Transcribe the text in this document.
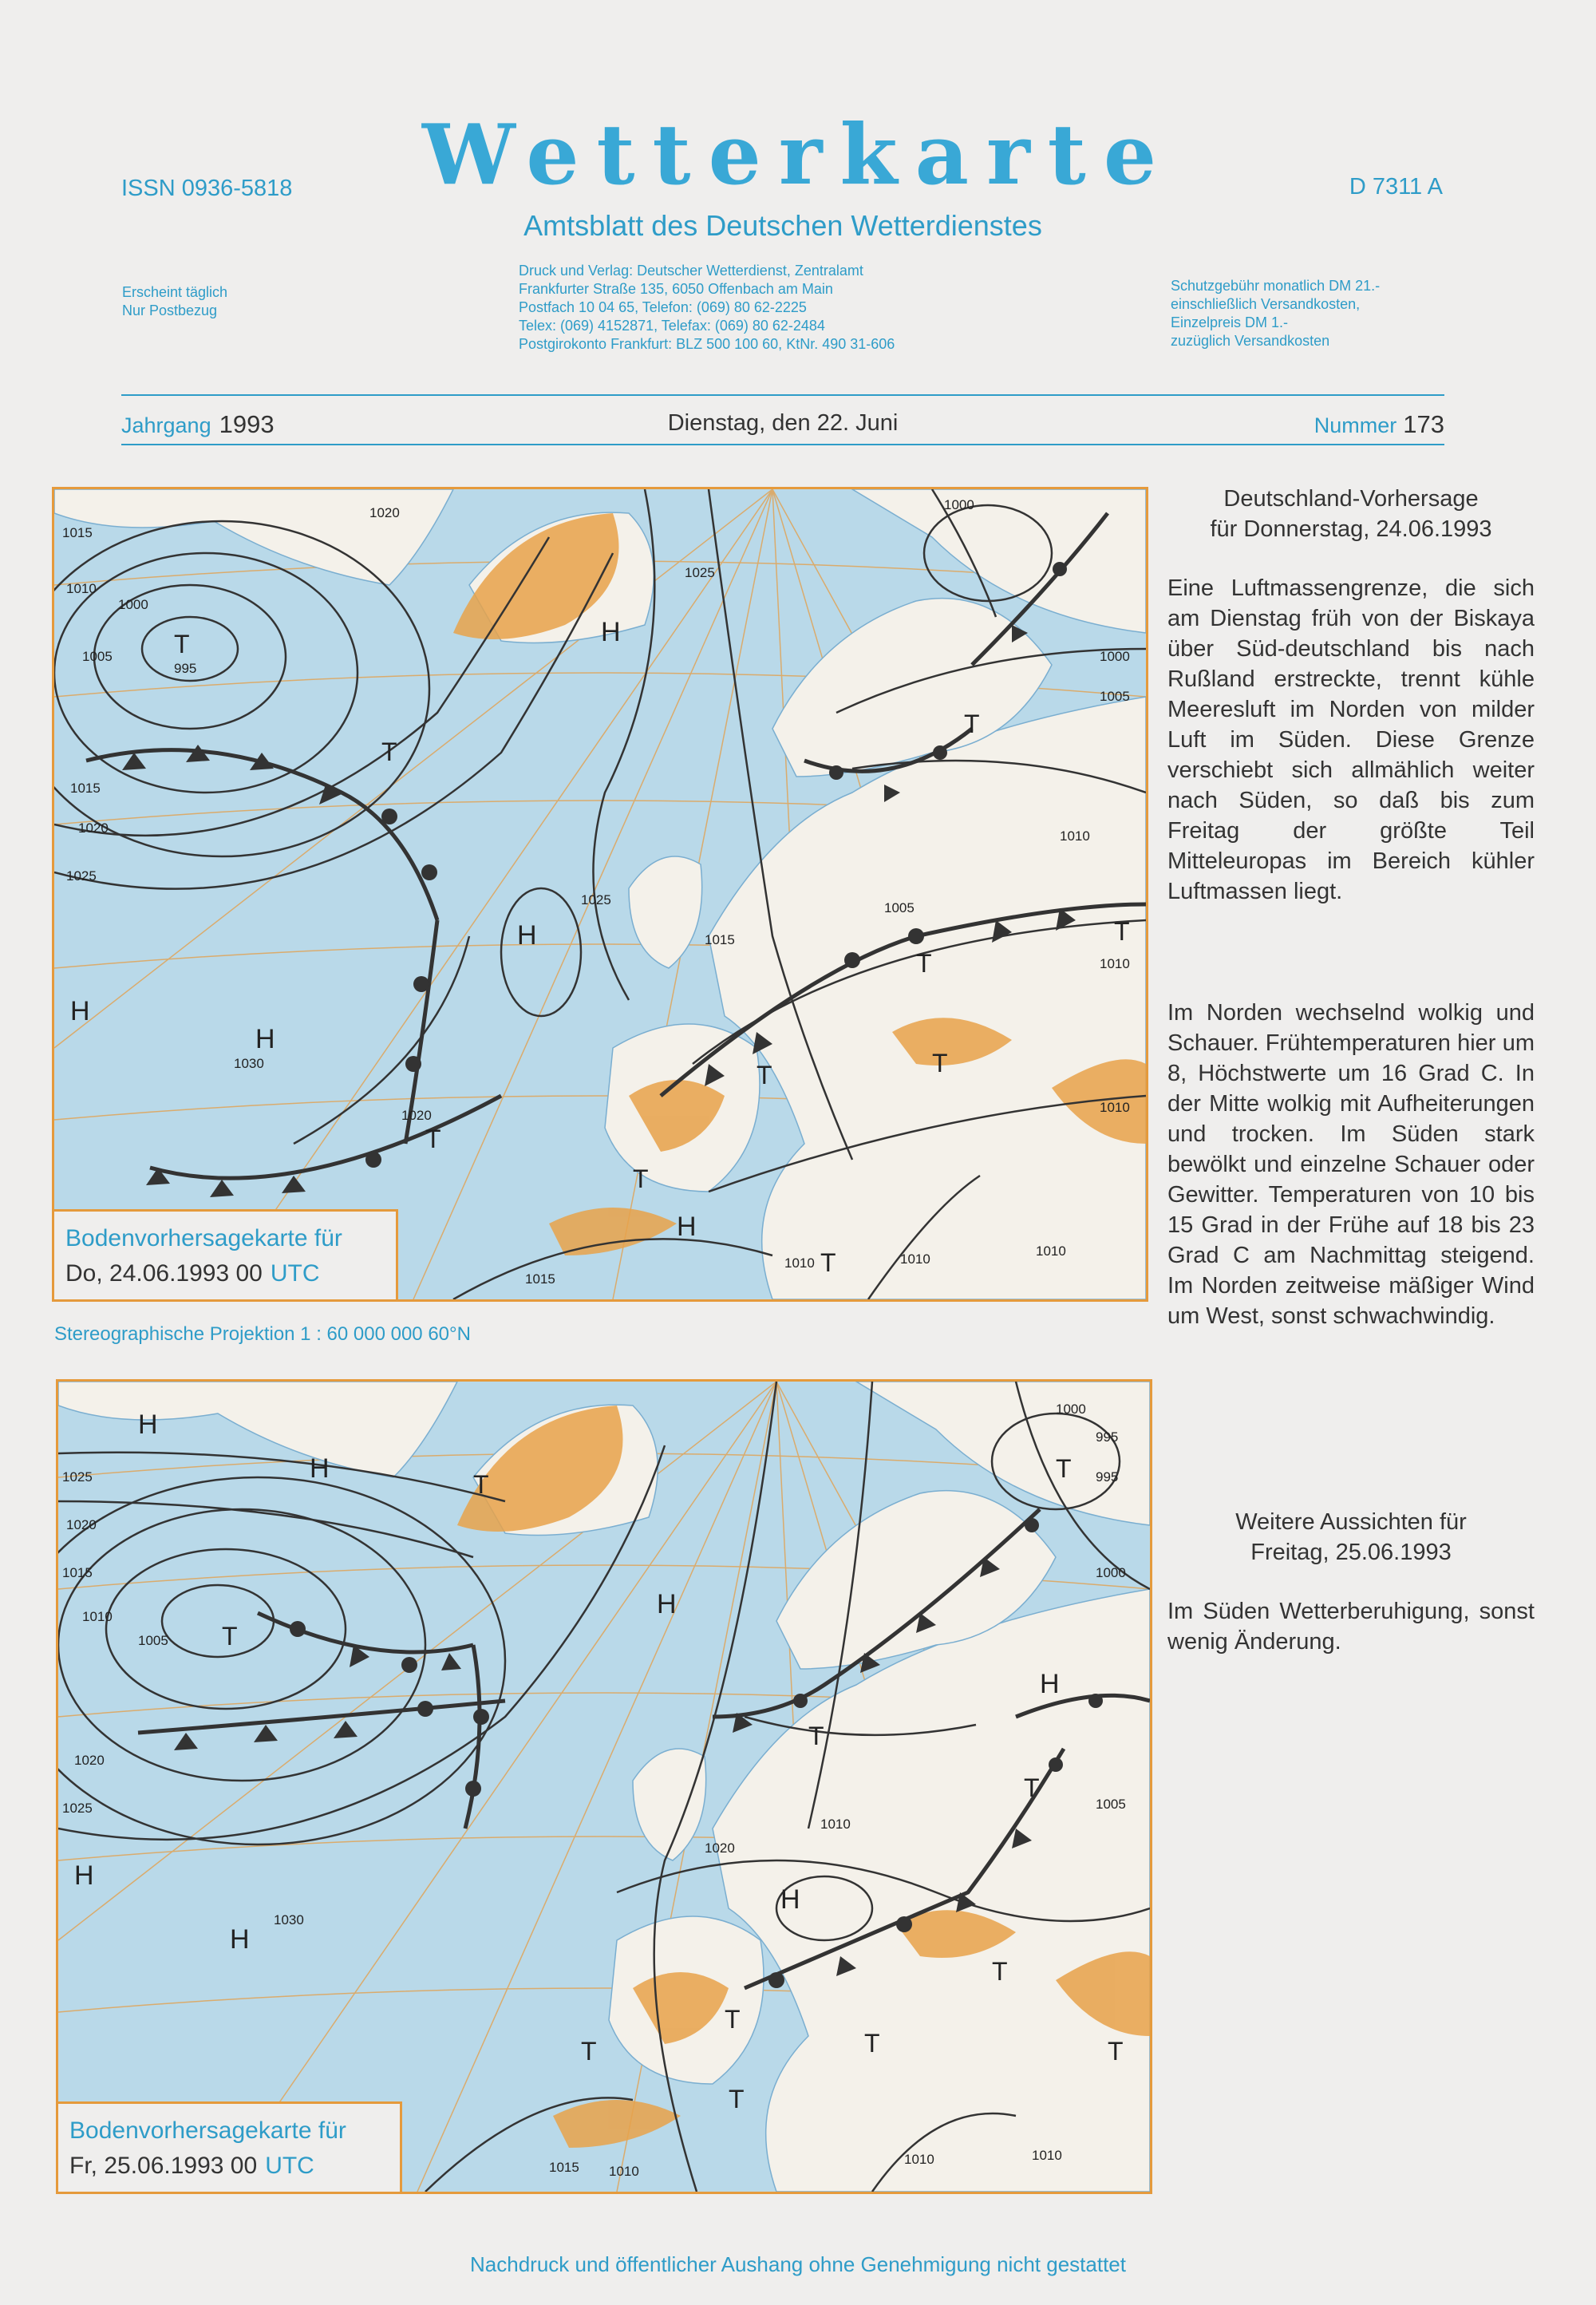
ISSN 0936-5818	Wetterkarte	D 7311 A
Amtsblatt des Deutschen Wetterdienstes
Erscheint täglich
Nur Postbezug
Druck und Verlag: Deutscher Wetterdienst, Zentralamt
Frankfurter Straße 135, 6050 Offenbach am Main
Postfach 10 04 65, Telefon: (069) 80 62-2225
Telex: (069) 4152871, Telefax: (069) 80 62-2484
Postgirokonto Frankfurt: BLZ 500 100 60, KtNr. 490 31-606
Schutzgebühr monatlich DM 21.-
einschließlich Versandkosten,
Einzelpreis DM 1.-
zuzüglich Versandkosten
Jahrgang 1993	Dienstag, den 22. Juni	Nummer 173
H
H
H
H
H
T
T
T
T
T
T
T
T
T
T
1020
1015
1010
1005
1000
995
1015
1020
1025
1025
1025
1030
1020
1015
1005
1000
1005
1010
1010
1010
1010
1015
1010
1000
1010
Bodenvorhersagekarte für
Do, 24.06.1993 00 UTC
Stereographische Projektion 1 : 60 000 000 60°N
H
H
H
H
H
H
T
T
T
T
T
T
T
T
T
T
T
H
1025
1020
1015
1010
1005
1020
1025
1030
1000
995
995
1000
1005
1010
1020
1015 1010
1010	1010
Bodenvorhersagekarte für
Fr, 25.06.1993 00 UTC
Deutschland-Vorhersage
für Donnerstag, 24.06.1993
Eine Luftmassengrenze, die sich am Dienstag früh von der Biskaya über Süd-deutschland bis nach Rußland erstreckte, trennt kühle Meeresluft im Norden von milder Luft im Süden. Diese Grenze verschiebt sich allmählich weiter nach Süden, so daß bis zum Freitag der größte Teil Mitteleuropas im Bereich kühler Luftmassen liegt.
Im Norden wechselnd wolkig und Schauer. Frühtemperaturen hier um 8, Höchstwerte um 16 Grad C. In der Mitte wolkig mit Aufheiterungen und trocken. Im Süden stark bewölkt und einzelne Schauer oder Gewitter. Temperaturen von 10 bis 15 Grad in der Frühe auf 18 bis 23 Grad C am Nachmittag steigend. Im Norden zeitweise mäßiger Wind um West, sonst schwachwindig.
Weitere Aussichten für
Freitag, 25.06.1993
Im Süden Wetterberuhigung, sonst wenig Änderung.
Nachdruck und öffentlicher Aushang ohne Genehmigung nicht gestattet
